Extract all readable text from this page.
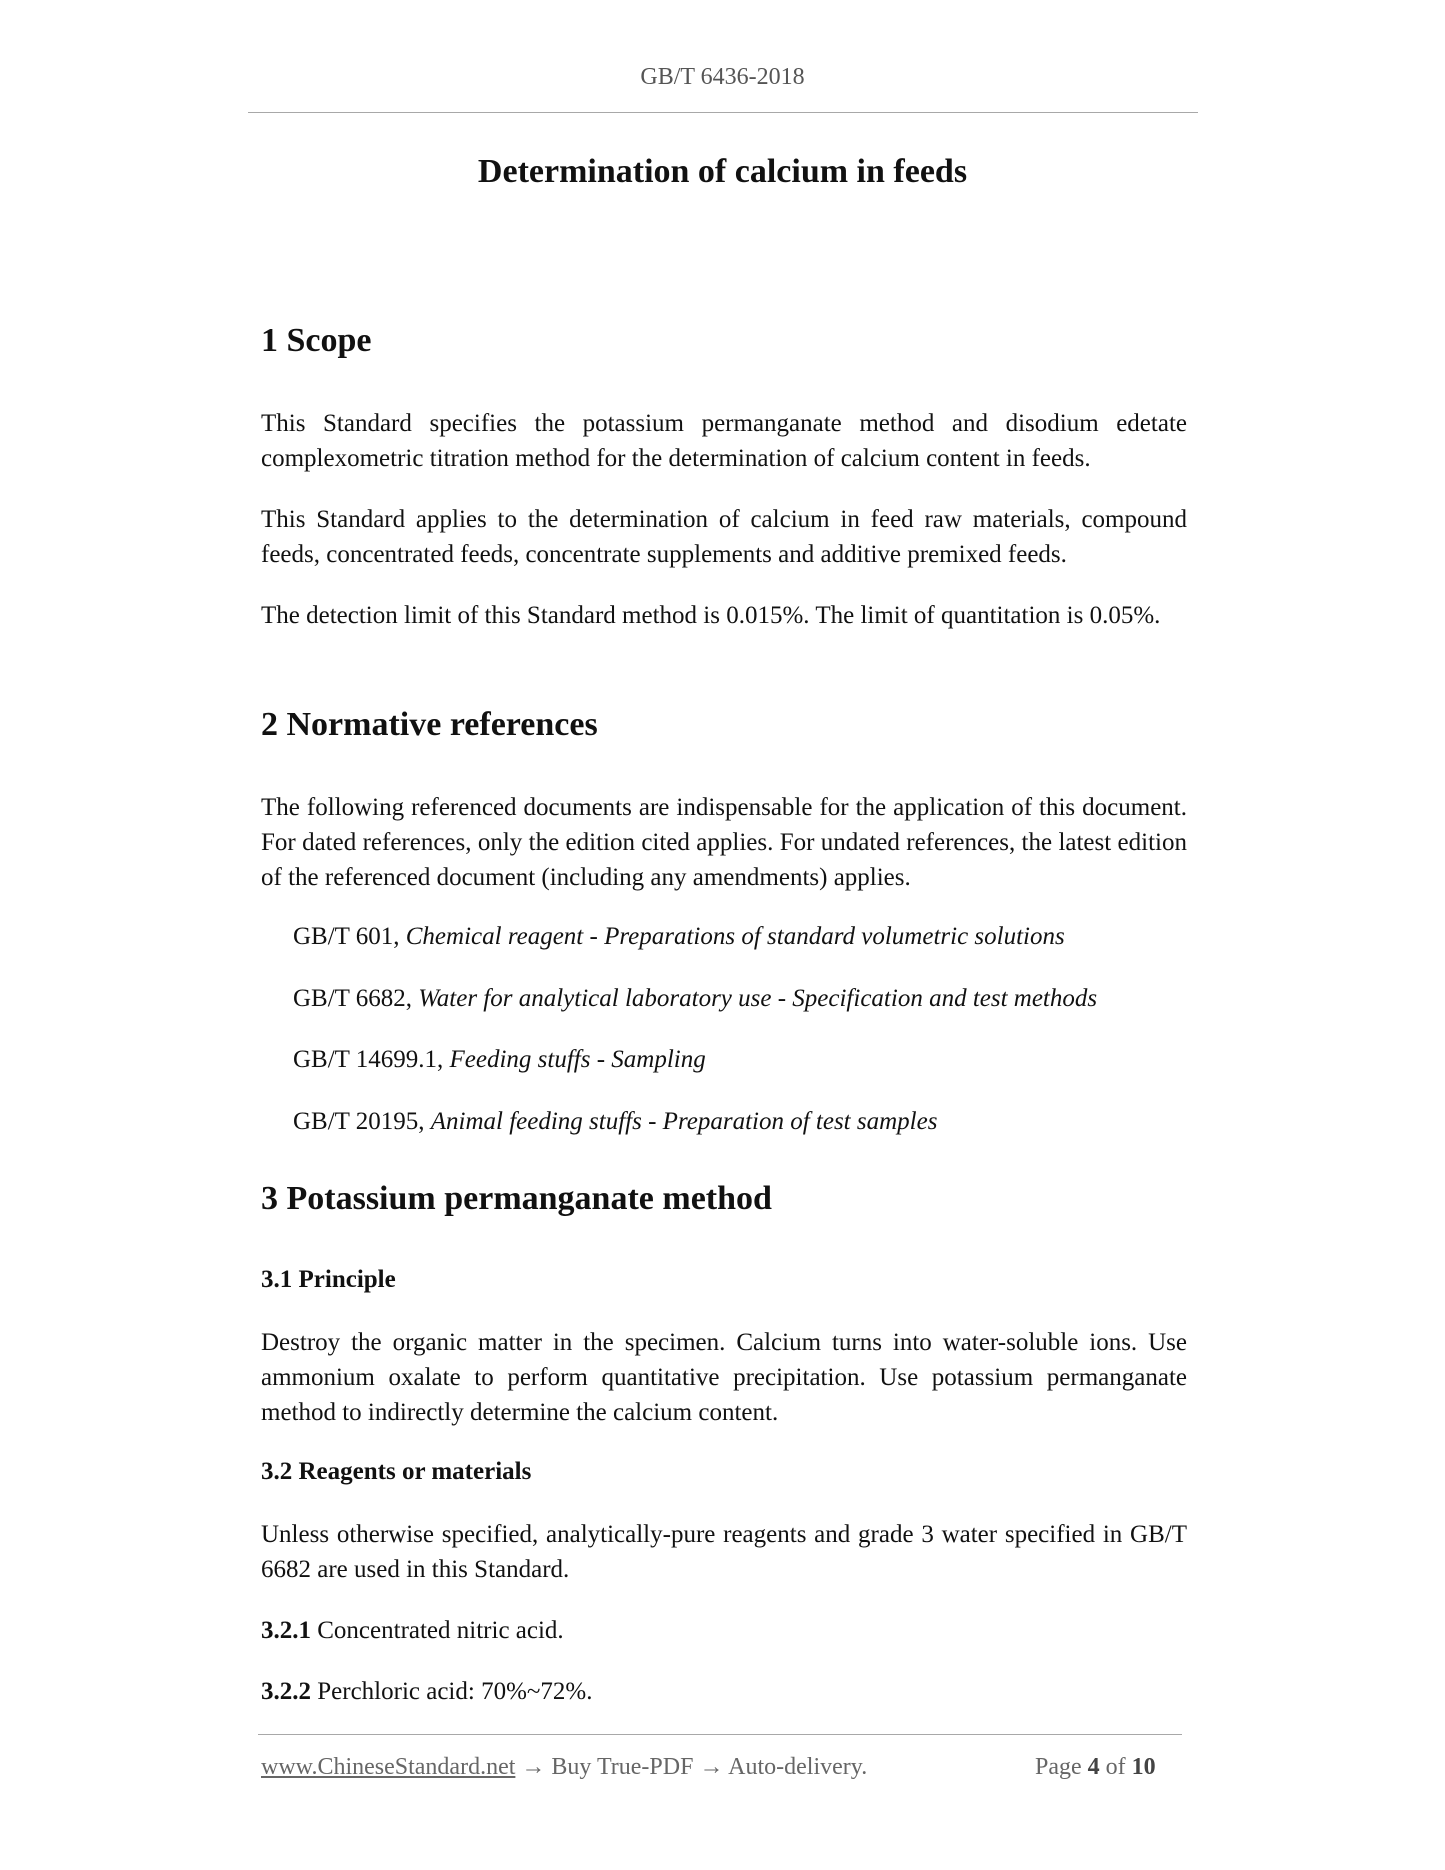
GB/T 6436-2018
Determination of calcium in feeds
1 Scope
This Standard specifies the potassium permanganate method and disodium edetate complexometric titration method for the determination of calcium content in feeds.
This Standard applies to the determination of calcium in feed raw materials, compound feeds, concentrated feeds, concentrate supplements and additive premixed feeds.
The detection limit of this Standard method is 0.015%. The limit of quantitation is 0.05%.
2 Normative references
The following referenced documents are indispensable for the application of this document. For dated references, only the edition cited applies. For undated references, the latest edition of the referenced document (including any amendments) applies.
GB/T 601, Chemical reagent - Preparations of standard volumetric solutions
GB/T 6682, Water for analytical laboratory use - Specification and test methods
GB/T 14699.1, Feeding stuffs - Sampling
GB/T 20195, Animal feeding stuffs - Preparation of test samples
3 Potassium permanganate method
3.1 Principle
Destroy the organic matter in the specimen. Calcium turns into water-soluble ions. Use ammonium oxalate to perform quantitative precipitation. Use potassium permanganate method to indirectly determine the calcium content.
3.2 Reagents or materials
Unless otherwise specified, analytically-pure reagents and grade 3 water specified in GB/T 6682 are used in this Standard.
3.2.1 Concentrated nitric acid.
3.2.2 Perchloric acid: 70%~72%.
www.ChineseStandard.net → Buy True-PDF → Auto-delivery.	Page 4 of 10
